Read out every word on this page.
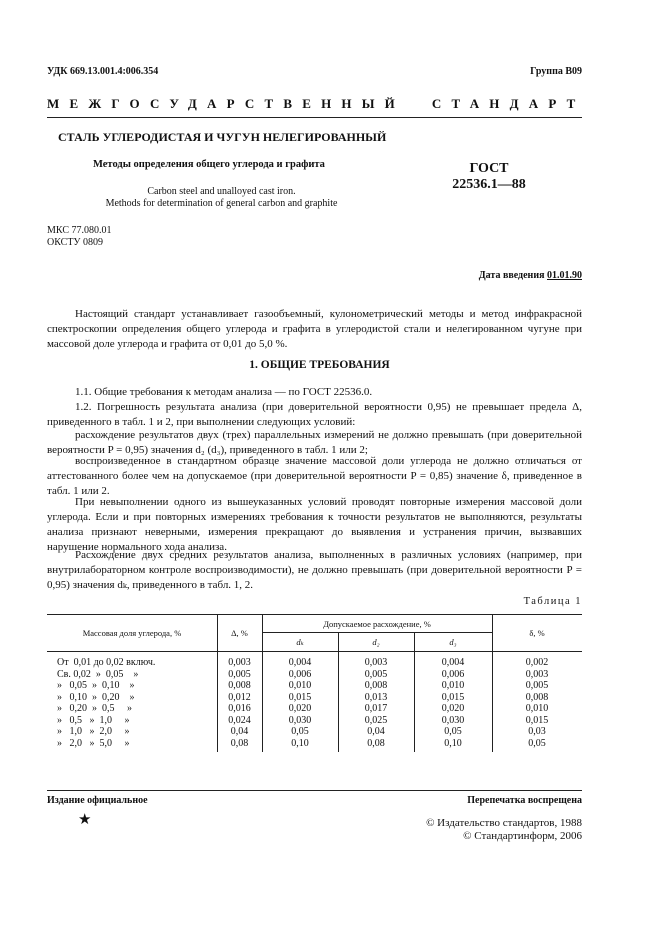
УДК 669.13.001.4:006.354	Группа В09
МЕЖГОСУДАРСТВЕННЫЙ  СТАНДАРТ
СТАЛЬ УГЛЕРОДИСТАЯ И ЧУГУН НЕЛЕГИРОВАННЫЙ
Методы определения общего углерода и графита
Carbon steel and unalloyed cast iron.
Methods for determination of general carbon and graphite
ГОСТ
22536.1—88
МКС 77.080.01
ОКСТУ 0809
Дата введения 01.01.90

Настоящий стандарт устанавливает газообъемный, кулонометрический методы и метод инфракрасной спектроскопии определения общего углерода и графита в углеродистой стали и нелегированном чугуне при массовой доле углерода и графита от 0,01 до 5,0 %.

1. ОБЩИЕ ТРЕБОВАНИЯ

1.1. Общие требования к методам анализа — по ГОСТ 22536.0.

1.2. Погрешность результата анализа (при доверительной вероятности 0,95) не превышает предела Δ, приведенного в табл. 1 и 2, при выполнении следующих условий:

расхождение результатов двух (трех) параллельных измерений не должно превышать (при доверительной вероятности P = 0,95) значения d₂ (d₃), приведенного в табл. 1 или 2;

воспроизведенное в стандартном образце значение массовой доли углерода не должно отличаться от аттестованного более чем на допускаемое (при доверительной вероятности P = 0,85) значение δ, приведенное в табл. 1 или 2.

При невыполнении одного из вышеуказанных условий проводят повторные измерения массовой доли углерода. Если и при повторных измерениях требования к точности результатов не выполняются, результаты анализа признают неверными, измерения прекращают до выявления и устранения причин, вызвавших нарушение нормального хода анализа.

Расхождение двух средних результатов анализа, выполненных в различных условиях (например, при внутрилабораторном контроле воспроизводимости), не должно превышать (при доверительной вероятности P = 0,95) значения dₖ, приведенного в табл. 1, 2.

Таблица 1
Массовая доля углерода, %	Δ, %
Допускаемое расхождение, %
dₖ	d₂	d₃
δ, %
От  0,01 до 0,02 включ.	0,003	0,004	0,003	0,004	0,002
Св. 0,02  »  0,05    »	0,005	0,006	0,005	0,006	0,003
»   0,05  »  0,10    »	0,008	0,010	0,008	0,010	0,005
»   0,10  »  0,20    »	0,012	0,015	0,013	0,015	0,008
»   0,20  »  0,5     »	0,016	0,020	0,017	0,020	0,010
»   0,5   »  1,0     »	0,024	0,030	0,025	0,030	0,015
»   1,0   »  2,0     »	0,04	0,05	0,04	0,05	0,03
»   2,0   »  5,0     »	0,08	0,10	0,08	0,10	0,05
Издание официальное	Перепечатка воспрещена
★	© Издательство стандартов, 1988
© Стандартинформ, 2006
